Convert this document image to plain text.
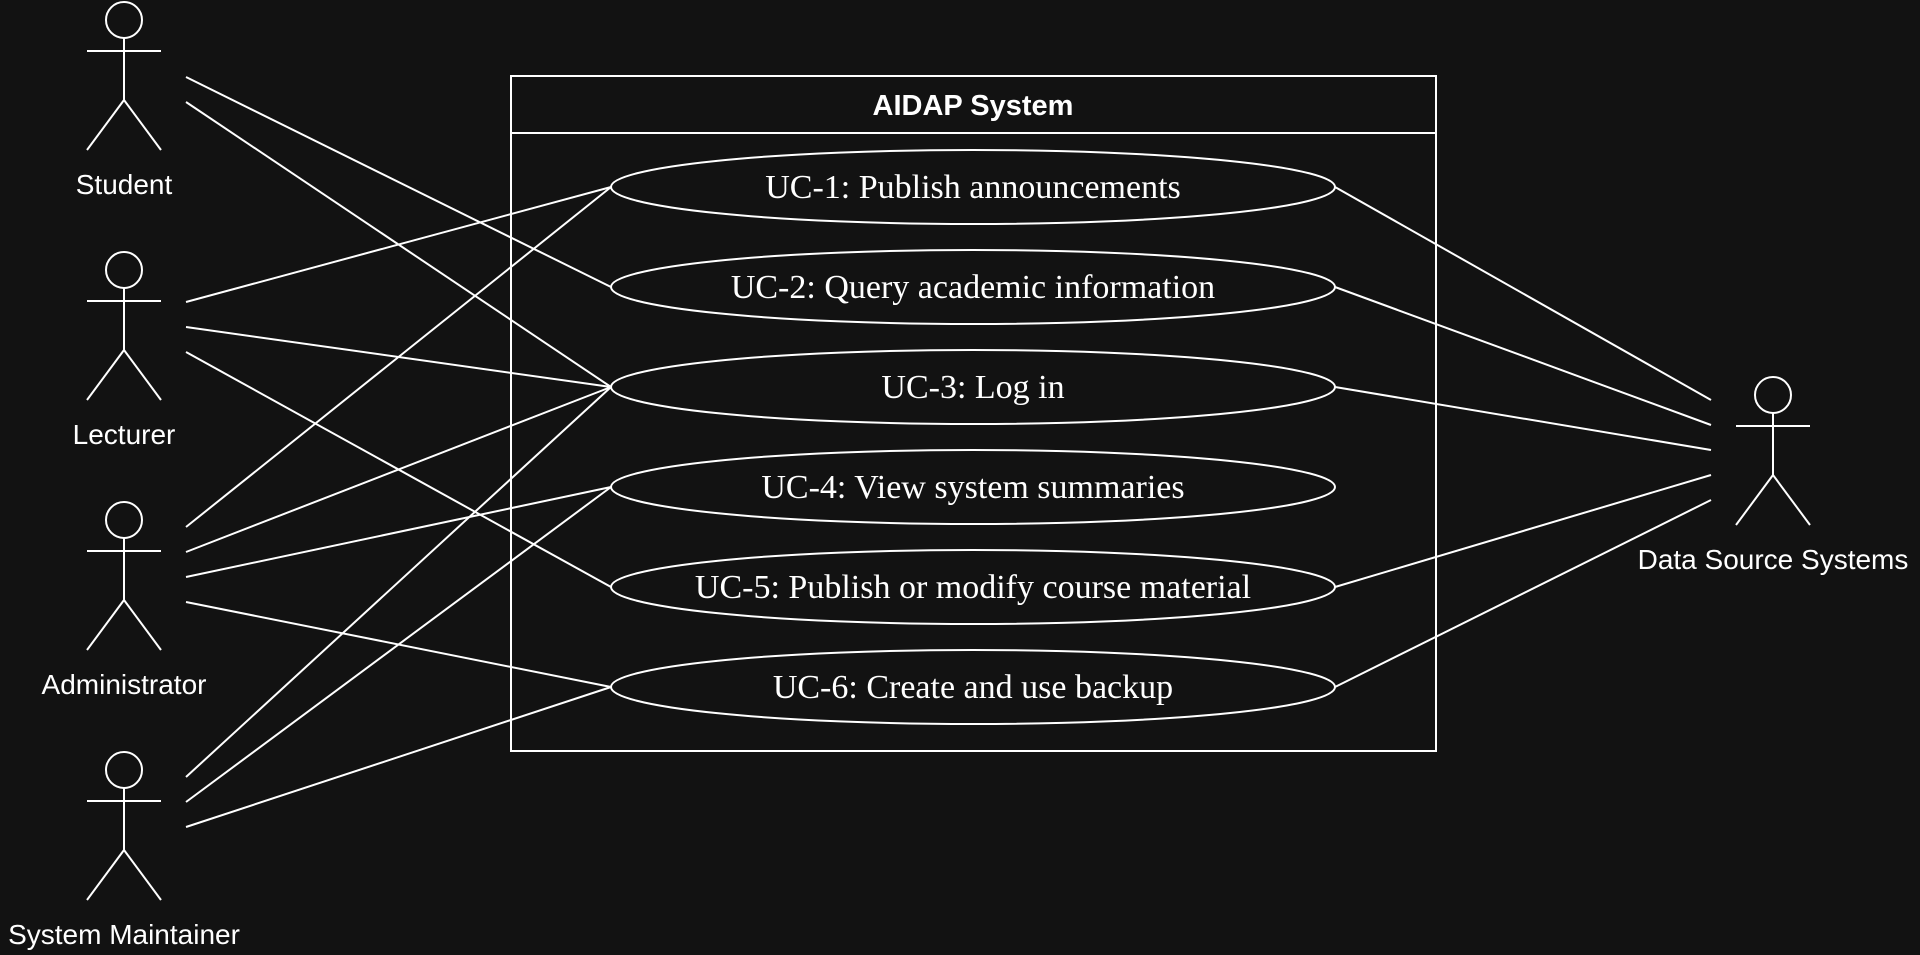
AIDAP System
UC-1: Publish announcements
UC-2: Query academic information
UC-3: Log in
UC-4: View system summaries
UC-5: Publish or modify course material
UC-6: Create and use backup
Student
Lecturer
Administrator
System Maintainer
Data Source Systems
